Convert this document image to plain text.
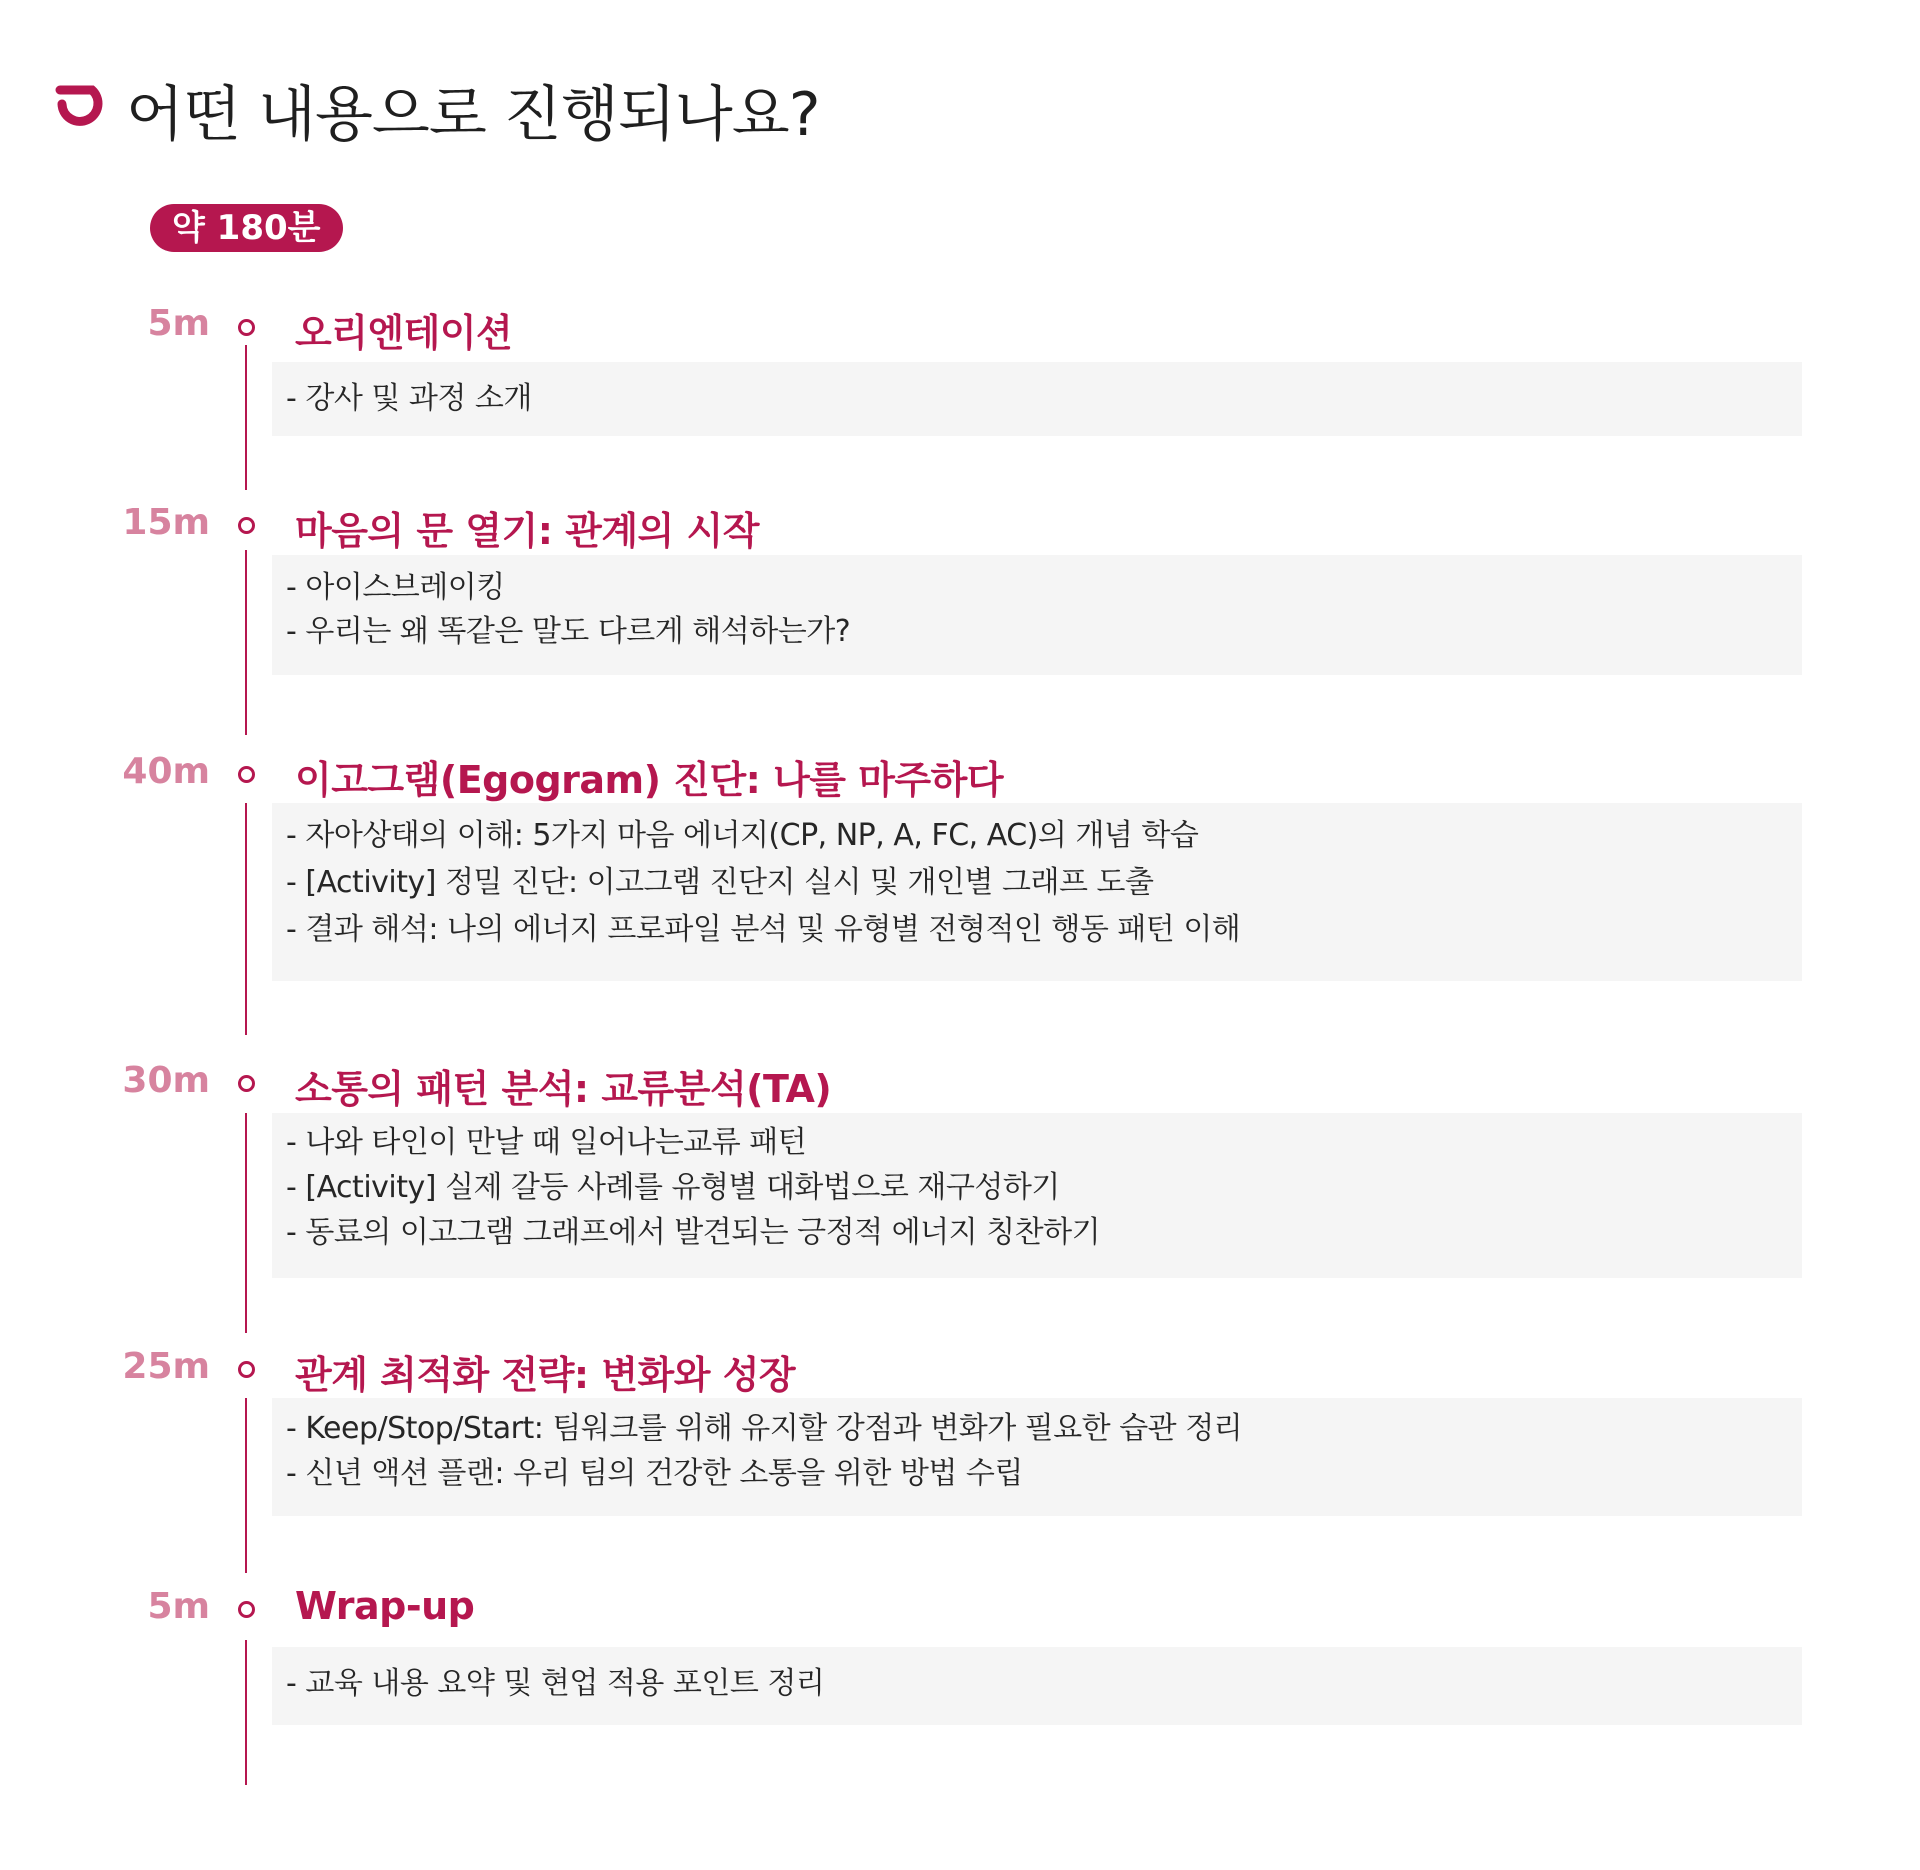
어떤 내용으로 진행되나요?
약 180분
5m 오리엔테이션
- 강사 및 과정 소개
15m 마음의 문 열기: 관계의 시작
- 아이스브레이킹
- 우리는 왜 똑같은 말도 다르게 해석하는가?
40m 이고그램(Egogram) 진단: 나를 마주하다
- 자아상태의 이해: 5가지 마음 에너지(CP, NP, A, FC, AC)의 개념 학습
- [Activity] 정밀 진단: 이고그램 진단지 실시 및 개인별 그래프 도출
- 결과 해석: 나의 에너지 프로파일 분석 및 유형별 전형적인 행동 패턴 이해
30m 소통의 패턴 분석: 교류분석(TA)
- 나와 타인이 만날 때 일어나는교류 패턴
- [Activity] 실제 갈등 사례를 유형별 대화법으로 재구성하기
- 동료의 이고그램 그래프에서 발견되는 긍정적 에너지 칭찬하기
25m 관계 최적화 전략: 변화와 성장
- Keep/Stop/Start: 팀워크를 위해 유지할 강점과 변화가 필요한 습관 정리
- 신년 액션 플랜: 우리 팀의 건강한 소통을 위한 방법 수립
5m Wrap-up
- 교육 내용 요약 및 현업 적용 포인트 정리
